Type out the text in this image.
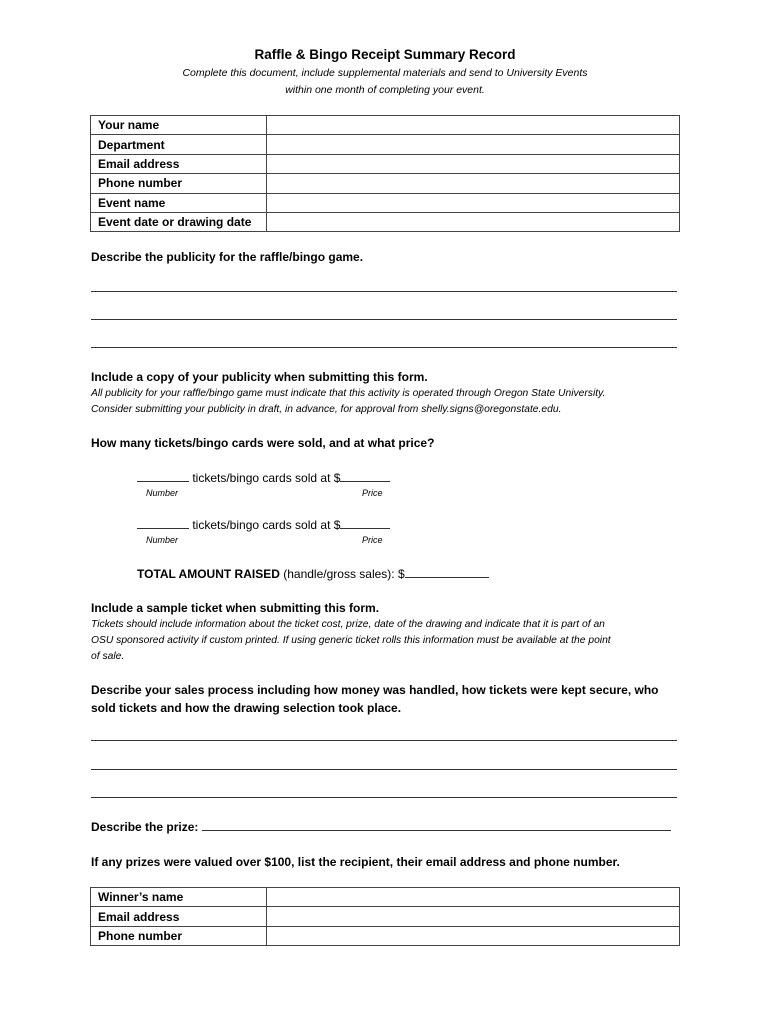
Raffle & Bingo Receipt Summary Record
Complete this document, include supplemental materials and send to University Events
within one month of completing your event.
Your name	
Department	
Email address	
Phone number	
Event name	
Event date or drawing date	
Describe the publicity for the raffle/bingo game.
Include a copy of your publicity when submitting this form.
All publicity for your raffle/bingo game must indicate that this activity is operated through Oregon State University.
Consider submitting your publicity in draft, in advance, for approval from shelly.signs@oregonstate.edu.
How many tickets/bingo cards were sold, and at what price?
tickets/bingo cards sold at $
Number	Price
tickets/bingo cards sold at $
Number	Price
TOTAL AMOUNT RAISED (handle/gross sales): $
Include a sample ticket when submitting this form.
Tickets should include information about the ticket cost, prize, date of the drawing and indicate that it is part of an
OSU sponsored activity if custom printed. If using generic ticket rolls this information must be available at the point
of sale.
Describe your sales process including how money was handled, how tickets were kept secure, who
sold tickets and how the drawing selection took place.
Describe the prize:
If any prizes were valued over $100, list the recipient, their email address and phone number.
Winner’s name	
Email address	
Phone number	
